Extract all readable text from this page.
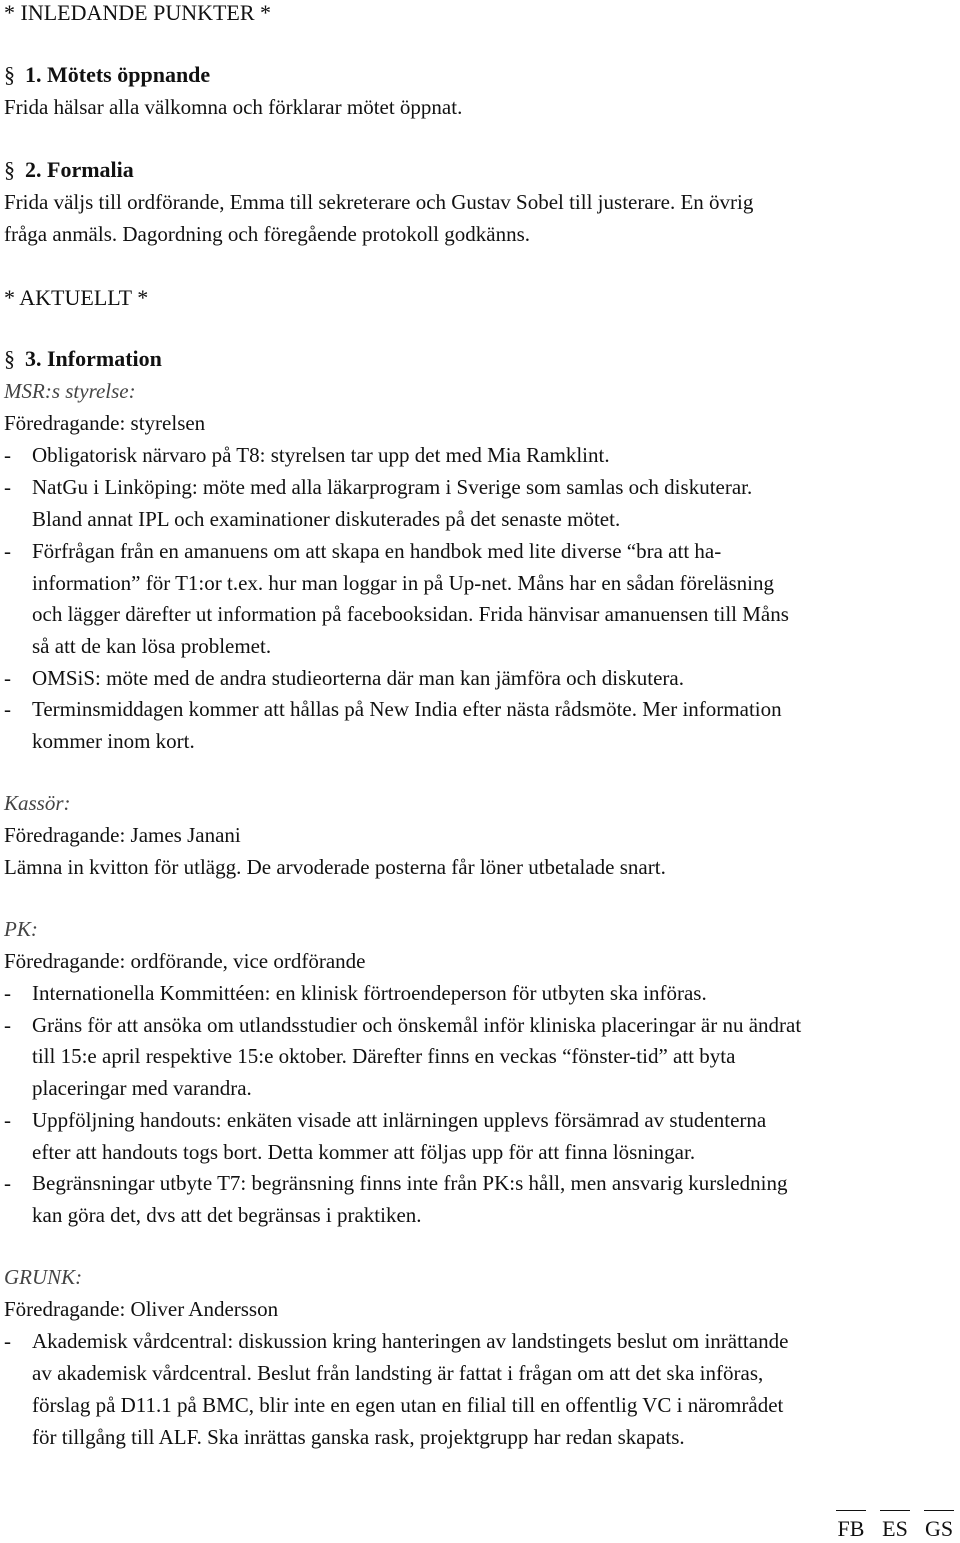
* INLEDANDE PUNKTER *
§ 1. Mötets öppnande
Frida hälsar alla välkomna och förklarar mötet öppnat.
§ 2. Formalia
Frida väljs till ordförande, Emma till sekreterare och Gustav Sobel till justerare. En övrig
fråga anmäls. Dagordning och föregående protokoll godkänns.
* AKTUELLT *
§ 3. Information
MSR:s styrelse:
Föredragande: styrelsen
-	Obligatorisk närvaro på T8: styrelsen tar upp det med Mia Ramklint.
-	NatGu i Linköping: möte med alla läkarprogram i Sverige som samlas och diskuterar.
Bland annat IPL och examinationer diskuterades på det senaste mötet.
-	Förfrågan från en amanuens om att skapa en handbok med lite diverse “bra att ha-
information” för T1:or t.ex. hur man loggar in på Up-net. Måns har en sådan föreläsning
och lägger därefter ut information på facebooksidan. Frida hänvisar amanuensen till Måns
så att de kan lösa problemet.
-	OMSiS: möte med de andra studieorterna där man kan jämföra och diskutera.
-	Terminsmiddagen kommer att hållas på New India efter nästa rådsmöte. Mer information
kommer inom kort.
Kassör:
Föredragande: James Janani
Lämna in kvitton för utlägg. De arvoderade posterna får löner utbetalade snart.
PK:
Föredragande: ordförande, vice ordförande
-	Internationella Kommittéen: en klinisk förtroendeperson för utbyten ska införas.
-	Gräns för att ansöka om utlandsstudier och önskemål inför kliniska placeringar är nu ändrat
till 15:e april respektive 15:e oktober. Därefter finns en veckas “fönster-tid” att byta
placeringar med varandra.
-	Uppföljning handouts: enkäten visade att inlärningen upplevs försämrad av studenterna
efter att handouts togs bort. Detta kommer att följas upp för att finna lösningar.
-	Begränsningar utbyte T7: begränsning finns inte från PK:s håll, men ansvarig kursledning
kan göra det, dvs att det begränsas i praktiken.
GRUNK:
Föredragande: Oliver Andersson
-	Akademisk vårdcentral: diskussion kring hanteringen av landstingets beslut om inrättande
av akademisk vårdcentral. Beslut från landsting är fattat i frågan om att det ska införas,
förslag på D11.1 på BMC, blir inte en egen utan en filial till en offentlig VC i närområdet
för tillgång till ALF. Ska inrättas ganska rask, projektgrupp har redan skapats.
FB ES GS
